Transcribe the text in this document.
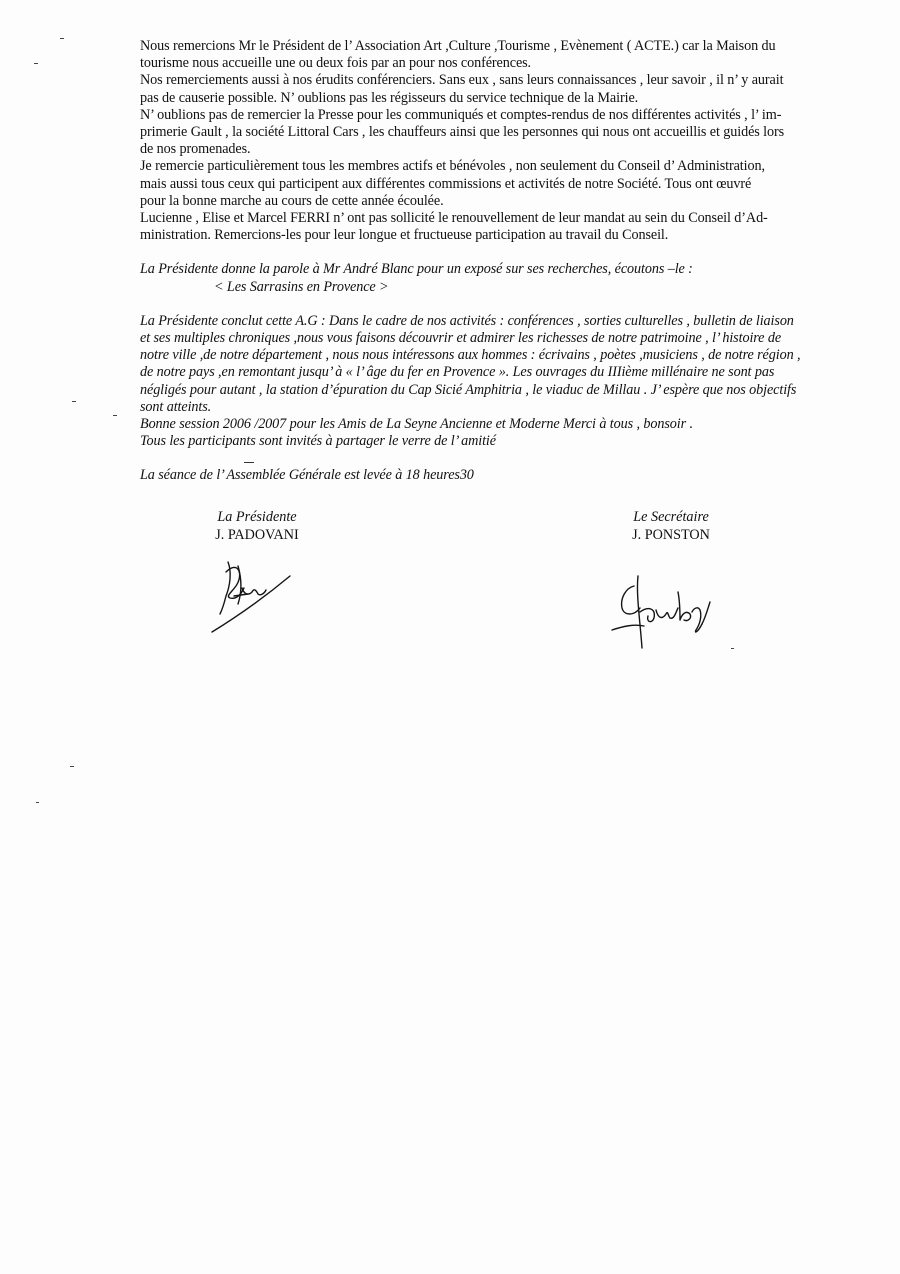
Nous remercions Mr le Président de l’ Association Art ,Culture ,Tourisme , Evènement ( ACTE.) car la Maison du
tourisme nous accueille une ou deux fois par an pour nos conférences.
Nos remerciements aussi à nos érudits conférenciers. Sans eux , sans leurs connaissances , leur savoir , il n’ y aurait
pas de causerie possible. N’ oublions pas les régisseurs du service technique de la Mairie.
N’ oublions pas de remercier la Presse pour les communiqués et comptes-rendus de nos différentes activités , l’ im-
primerie Gault , la société Littoral Cars , les chauffeurs ainsi que les personnes qui nous ont accueillis et guidés lors
de nos promenades.
Je remercie particulièrement tous les membres actifs et bénévoles , non seulement du Conseil d’ Administration,
mais aussi tous ceux qui participent aux différentes commissions et activités de notre Société. Tous ont œuvré
pour la bonne marche au cours de cette année écoulée.
Lucienne , Elise et Marcel FERRI n’ ont pas sollicité le renouvellement de leur mandat au sein du Conseil d’Ad-
ministration. Remercions-les pour leur longue et fructueuse participation au travail du Conseil.
La Présidente donne la parole à Mr André Blanc pour un exposé sur ses recherches, écoutons –le :
< Les Sarrasins en Provence >
La Présidente conclut cette A.G : Dans le cadre de nos activités : conférences , sorties culturelles , bulletin de liaison
et ses multiples chroniques ,nous vous faisons découvrir et admirer les richesses de notre patrimoine , l’ histoire de
notre ville ,de notre département , nous nous intéressons aux hommes : écrivains , poètes ,musiciens , de notre région ,
de notre pays ,en remontant jusqu’ à « l’ âge du fer en Provence ». Les ouvrages du IIIième millénaire ne sont pas
négligés pour autant , la station d’épuration du Cap Sicié Amphitria , le viaduc de Millau . J’ espère que nos objectifs
sont atteints.
Bonne session 2006 /2007 pour les Amis de La Seyne Ancienne et Moderne Merci à tous , bonsoir .
Tous les participants sont invités à partager le verre de l’ amitié
La séance de l’ Assemblée Générale est levée à 18 heures30
La Présidente
J. PADOVANI
Le Secrétaire
J. PONSTON
